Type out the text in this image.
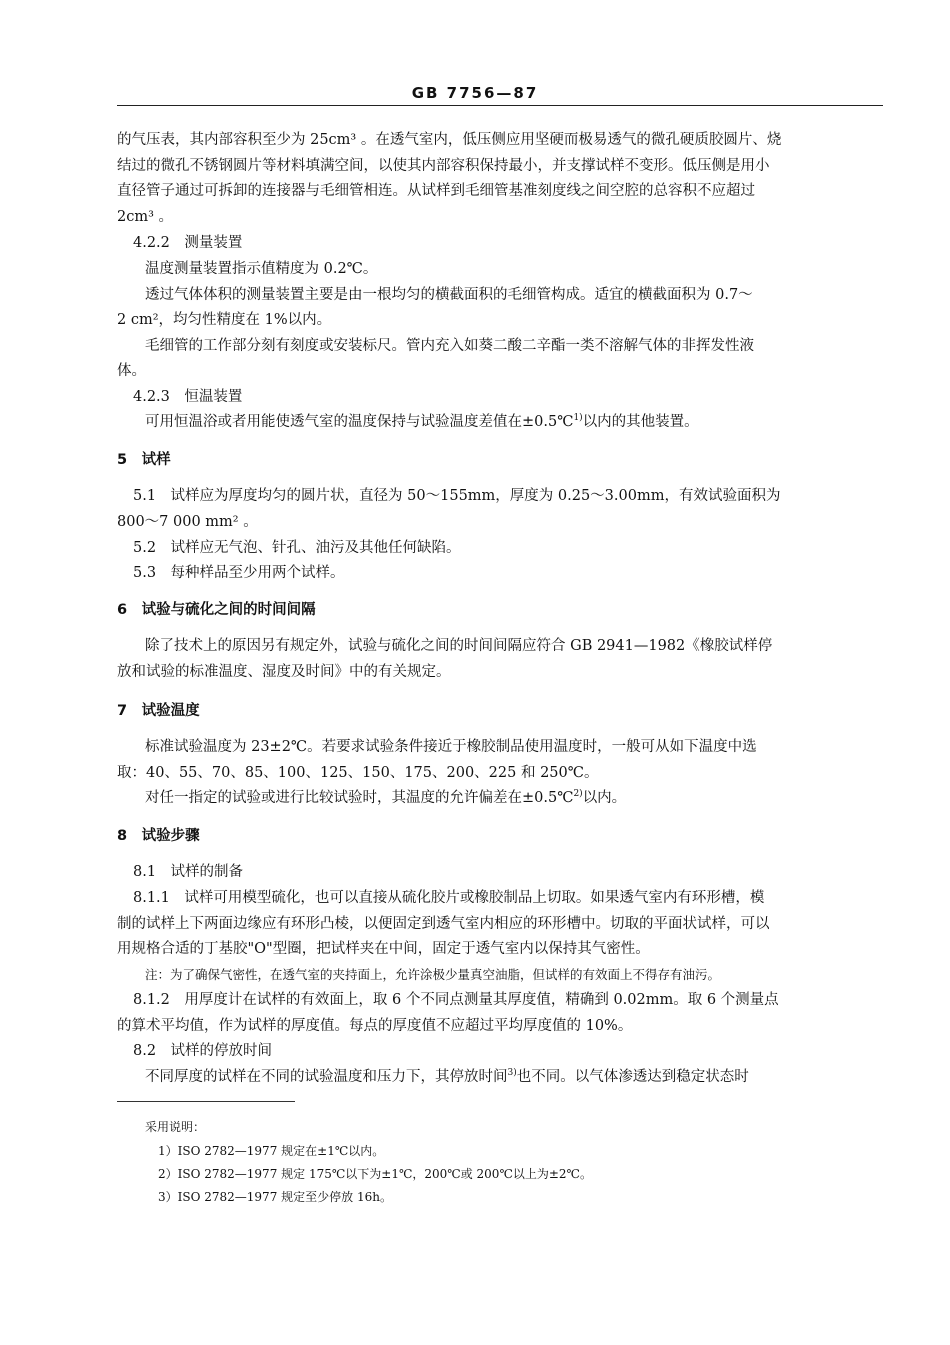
GB 7756—87
的气压表，其内部容积至少为 25cm³ 。在透气室内，低压侧应用坚硬而极易透气的微孔硬质胶圆片、烧
结过的微孔不锈钢圆片等材料填满空间，以使其内部容积保持最小，并支撑试样不变形。低压侧是用小
直径管子通过可拆卸的连接器与毛细管相连。从试样到毛细管基准刻度线之间空腔的总容积不应超过
2cm³ 。
4.2.2　测量装置
温度测量装置指示值精度为 0.2℃。
透过气体体积的测量装置主要是由一根均匀的横截面积的毛细管构成。适宜的横截面积为 0.7～
2 cm²，均匀性精度在 1%以内。
毛细管的工作部分刻有刻度或安装标尺。管内充入如葵二酸二辛酯一类不溶解气体的非挥发性液
体。
4.2.3　恒温装置
可用恒温浴或者用能使透气室的温度保持与试验温度差值在±0.5℃$^{1)}$以内的其他装置。
5　试样
5.1　试样应为厚度均匀的圆片状，直径为 50～155mm，厚度为 0.25～3.00mm，有效试验面积为
800～7 000 mm² 。
5.2　试样应无气泡、针孔、油污及其他任何缺陷。
5.3　每种样品至少用两个试样。
6　试验与硫化之间的时间间隔
除了技术上的原因另有规定外，试验与硫化之间的时间间隔应符合 GB 2941—1982《橡胶试样停
放和试验的标准温度、湿度及时间》中的有关规定。
7　试验温度
标准试验温度为 23±2℃。若要求试验条件接近于橡胶制品使用温度时，一般可从如下温度中选
取：40、55、70、85、100、125、150、175、200、225 和 250℃。
对任一指定的试验或进行比较试验时，其温度的允许偏差在±0.5℃$^{2)}$以内。
8　试验步骤
8.1　试样的制备
8.1.1　试样可用模型硫化，也可以直接从硫化胶片或橡胶制品上切取。如果透气室内有环形槽，模
制的试样上下两面边缘应有环形凸棱，以便固定到透气室内相应的环形槽中。切取的平面状试样，可以
用规格合适的丁基胶"O"型圈，把试样夹在中间，固定于透气室内以保持其气密性。
注：为了确保气密性，在透气室的夹持面上，允许涂极少量真空油脂，但试样的有效面上不得存有油污。
8.1.2　用厚度计在试样的有效面上，取 6 个不同点测量其厚度值，精确到 0.02mm。取 6 个测量点
的算术平均值，作为试样的厚度值。每点的厚度值不应超过平均厚度值的 10%。
8.2　试样的停放时间
不同厚度的试样在不同的试验温度和压力下，其停放时间$^{3)}$也不同。以气体渗透达到稳定状态时
采用说明：
1）ISO 2782—1977 规定在±1℃以内。
2）ISO 2782—1977 规定 175℃以下为±1℃，200℃或 200℃以上为±2℃。
3）ISO 2782—1977 规定至少停放 16h。
